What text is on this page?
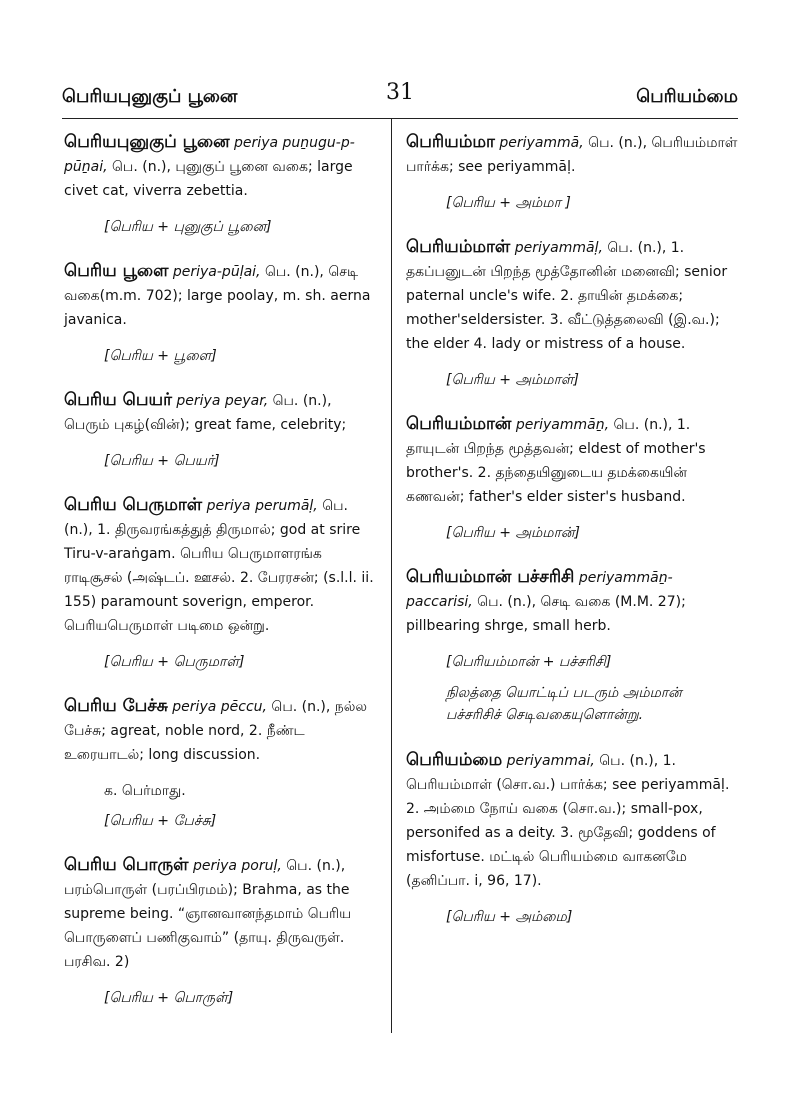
பெரியபுனுகுப் பூனை	31	பெரியம்மை
பெரியபுனுகுப் பூனை periya puṉugu-p-pūṉai, பெ. (n.), புனுகுப் பூனை வகை; large civet cat, viverra zebettia.
[பெரிய + புனுகுப் பூனை]
பெரிய பூளை periya-pūḷai, பெ. (n.), செடி வகை(m.m. 702); large poolay, m. sh. aerna javanica.
[பெரிய + பூளை]
பெரிய பெயர் periya peyar, பெ. (n.), பெரும் புகழ்(வின்); great fame, celebrity;
[பெரிய + பெயர்]
பெரிய பெருமாள் periya perumāḷ, பெ. (n.), 1. திருவரங்கத்துத் திருமால்; god at srire Tiru-v-araṅgam. பெரிய பெருமாளரங்க ராடிசூசல் (அஷ்டப். ஊசல். 2. பேரரசன்; (s.l.l. ii. 155) paramount soverign, emperor. பெரியபெருமாள் படிமை ஒன்று.
[பெரிய + பெருமாள்]
பெரிய பேச்சு periya pēccu, பெ. (n.), நல்ல பேச்சு; agreat, noble nord, 2. நீண்ட உரையாடல்; long discussion.
க. பெர்மாது.
[பெரிய + பேச்சு]
பெரிய பொருள் periya poruḷ, பெ. (n.), பரம்பொருள் (பரப்பிரமம்); Brahma, as the supreme being. “ஞானவானந்தமாம் பெரிய பொருளைப் பணிகுவாம்” (தாயு. திருவருள். பரசிவ. 2)
[பெரிய + பொருள்]
பெரியம்மா periyammā, பெ. (n.), பெரியம்மாள் பார்க்க; see periyammāḷ.
[பெரிய + அம்மா ]
பெரியம்மாள் periyammāḷ, பெ. (n.), 1. தகப்பனுடன் பிறந்த மூத்தோனின் மனைவி; senior paternal uncle's wife. 2. தாயின் தமக்கை; mother'seldersister. 3. வீட்டுத்தலைவி (இ.வ.); the elder 4. lady or mistress of a house.
[பெரிய + அம்மாள்]
பெரியம்மான் periyammāṉ, பெ. (n.), 1. தாயுடன் பிறந்த மூத்தவன்; eldest of mother's brother's. 2. தந்தையினுடைய தமக்கையின் கணவன்; father's elder sister's husband.
[பெரிய + அம்மான்]
பெரியம்மான் பச்சரிசி periyammāṉ-paccarisi, பெ. (n.), செடி வகை (M.M. 27); pillbearing shrge, small herb.
[பெரியம்மான் + பச்சரிசி]
நிலத்தை யொட்டிப் படரும் அம்மான் பச்சரிசிச் செடிவகையுளொன்று.
பெரியம்மை periyammai, பெ. (n.), 1. பெரியம்மாள் (சொ.வ.) பார்க்க; see periyammāḷ. 2. அம்மை நோய் வகை (சொ.வ.); small-pox, personifed as a deity. 3. மூதேவி; goddens of misfortuse. மட்டில் பெரியம்மை வாகனமே (தனிப்பா. i, 96, 17).
[பெரிய + அம்மை]
